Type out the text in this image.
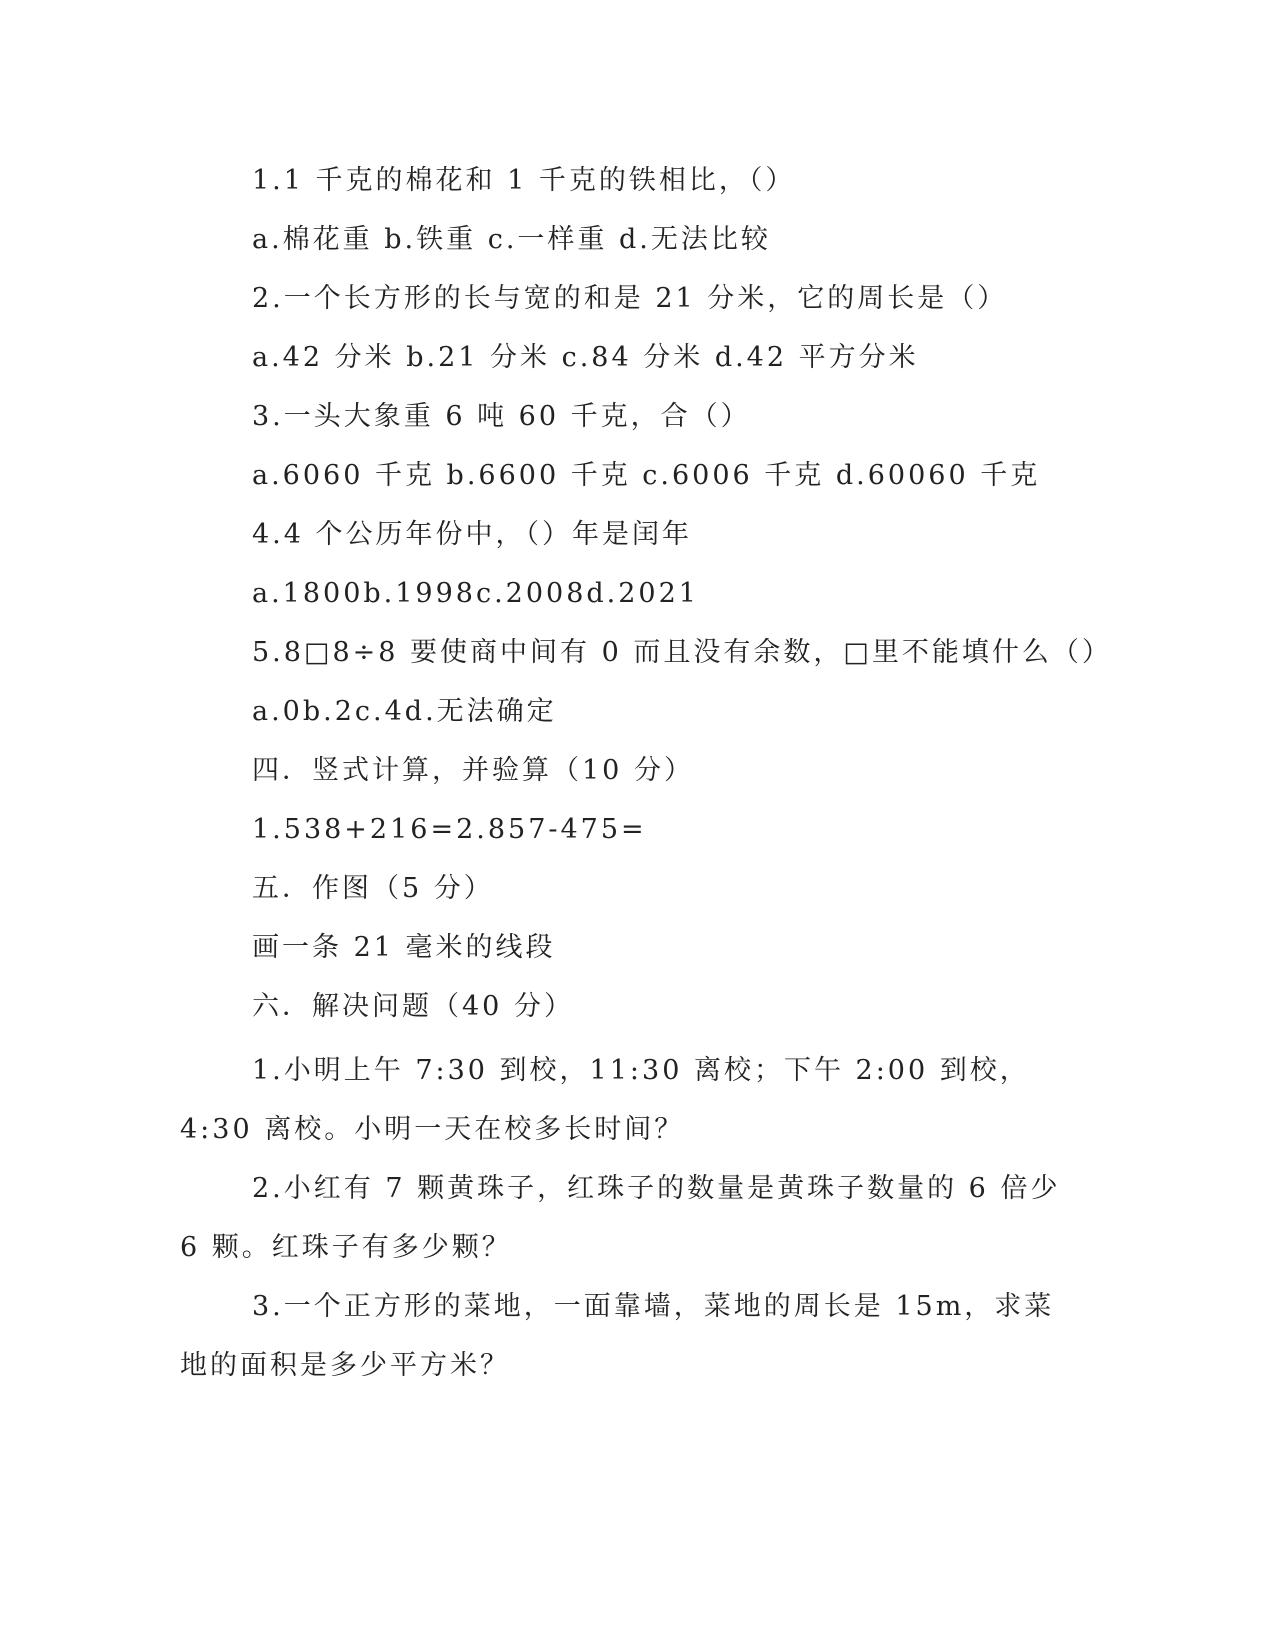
1.1 千克的棉花和 1 千克的铁相比，（）
a.棉花重 b.铁重 c.一样重 d.无法比较
2.一个长方形的长与宽的和是 21 分米，它的周长是（）
a.42 分米 b.21 分米 c.84 分米 d.42 平方分米
3.一头大象重 6 吨 60 千克，合（）
a.6060 千克 b.6600 千克 c.6006 千克 d.60060 千克
4.4 个公历年份中，（）年是闰年
a.1800b.1998c.2008d.2021
5.8□8÷8 要使商中间有 0 而且没有余数，□里不能填什么（）
a.0b.2c.4d.无法确定
四．竖式计算，并验算（10 分）
1.538+216=2.857-475=
五．作图（5 分）
画一条 21 毫米的线段
六．解决问题（40 分）

1.小明上午 7:30 到校，11:30 离校；下午 2:00 到校，4:30 离校。小明一天在校多长时间？

2.小红有 7 颗黄珠子，红珠子的数量是黄珠子数量的 6 倍少 6 颗。红珠子有多少颗？

3.一个正方形的菜地，一面靠墙，菜地的周长是 15m，求菜地的面积是多少平方米？
